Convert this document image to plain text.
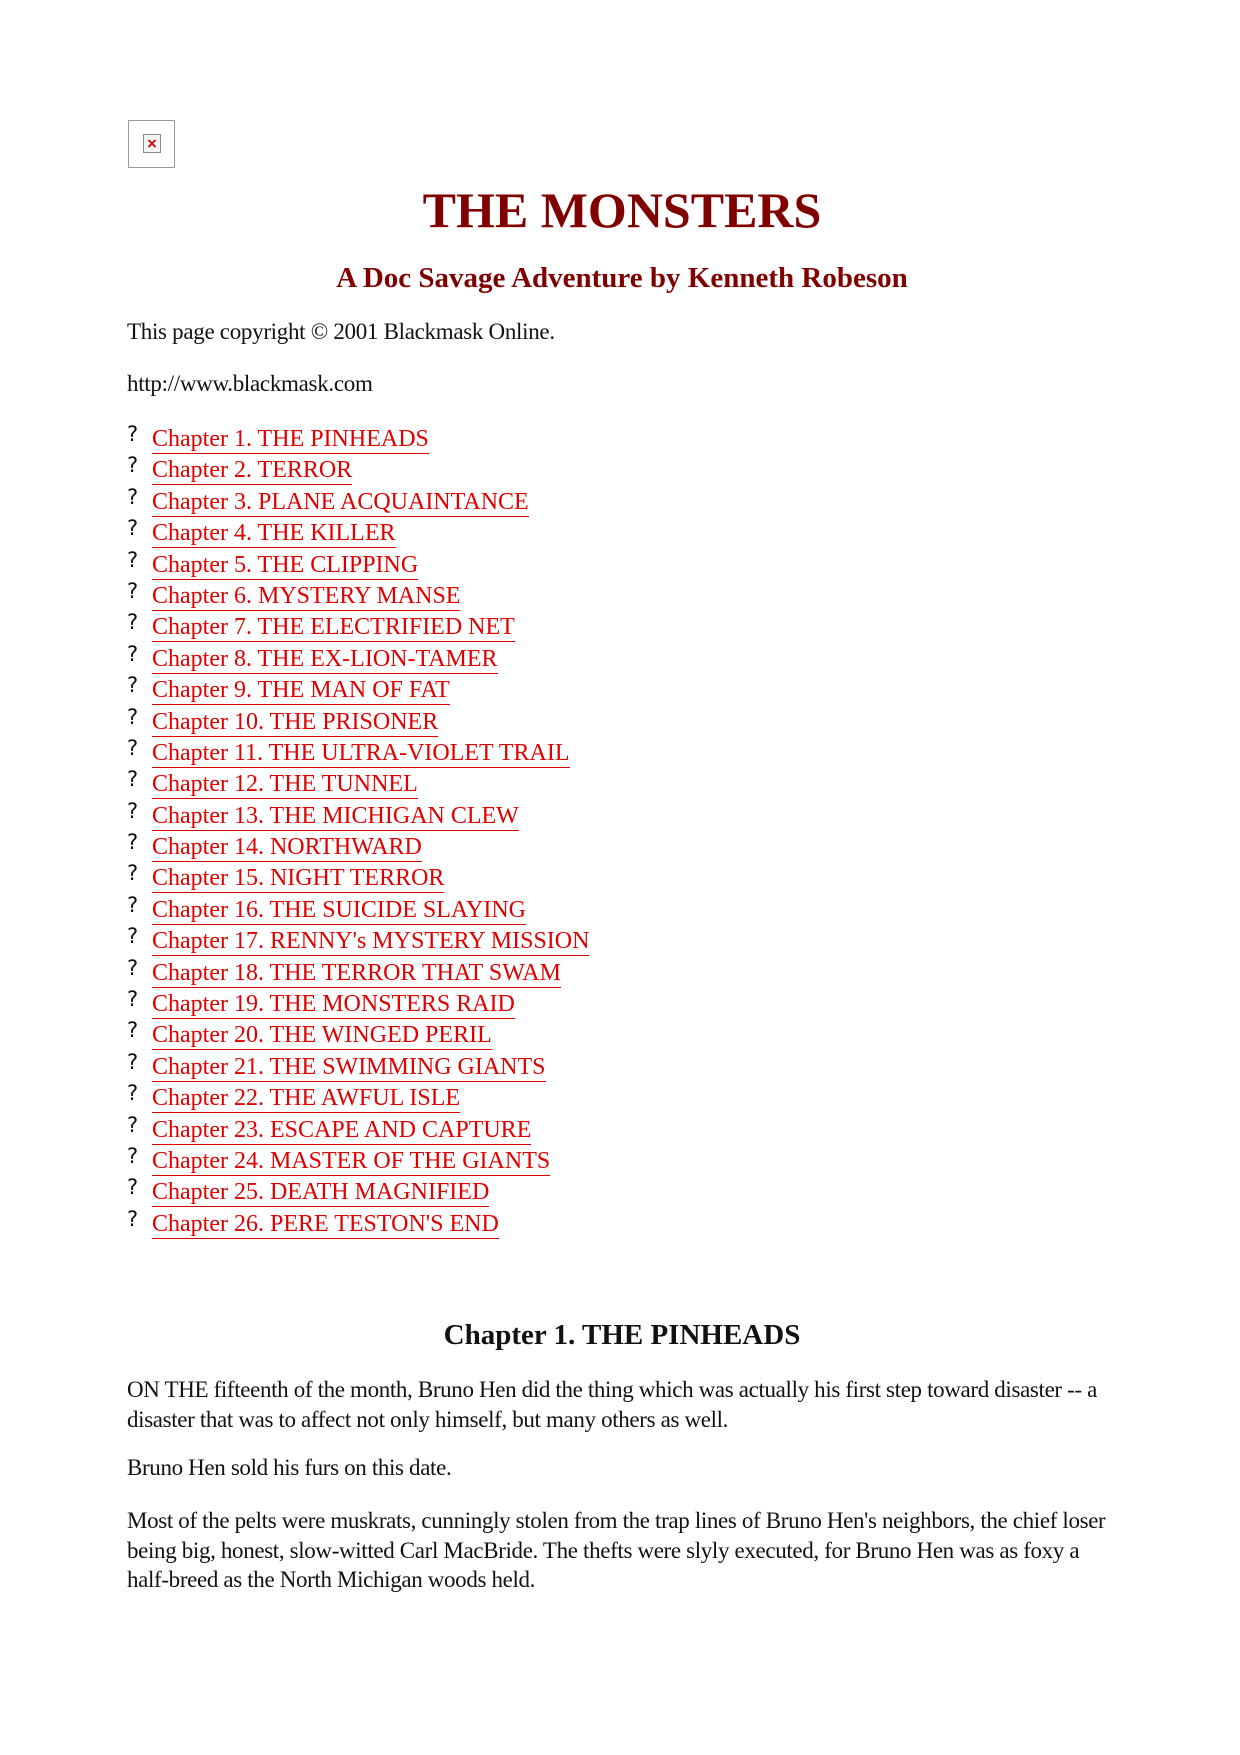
THE MONSTERS
A Doc Savage Adventure by Kenneth Robeson

This page copyright © 2001 Blackmask Online.

http://www.blackmask.com

? Chapter 1. THE PINHEADS
? Chapter 2. TERROR
? Chapter 3. PLANE ACQUAINTANCE
? Chapter 4. THE KILLER
? Chapter 5. THE CLIPPING
? Chapter 6. MYSTERY MANSE
? Chapter 7. THE ELECTRIFIED NET
? Chapter 8. THE EX-LION-TAMER
? Chapter 9. THE MAN OF FAT
? Chapter 10. THE PRISONER
? Chapter 11. THE ULTRA-VIOLET TRAIL
? Chapter 12. THE TUNNEL
? Chapter 13. THE MICHIGAN CLEW
? Chapter 14. NORTHWARD
? Chapter 15. NIGHT TERROR
? Chapter 16. THE SUICIDE SLAYING
? Chapter 17. RENNY's MYSTERY MISSION
? Chapter 18. THE TERROR THAT SWAM
? Chapter 19. THE MONSTERS RAID
? Chapter 20. THE WINGED PERIL
? Chapter 21. THE SWIMMING GIANTS
? Chapter 22. THE AWFUL ISLE
? Chapter 23. ESCAPE AND CAPTURE
? Chapter 24. MASTER OF THE GIANTS
? Chapter 25. DEATH MAGNIFIED
? Chapter 26. PERE TESTON'S END
Chapter 1. THE PINHEADS

ON THE fifteenth of the month, Bruno Hen did the thing which was actually his first step toward disaster -- a disaster that was to affect not only himself, but many others as well.

Bruno Hen sold his furs on this date.

Most of the pelts were muskrats, cunningly stolen from the trap lines of Bruno Hen's neighbors, the chief loser being big, honest, slow-witted Carl MacBride. The thefts were slyly executed, for Bruno Hen was as foxy a half-breed as the North Michigan woods held.
